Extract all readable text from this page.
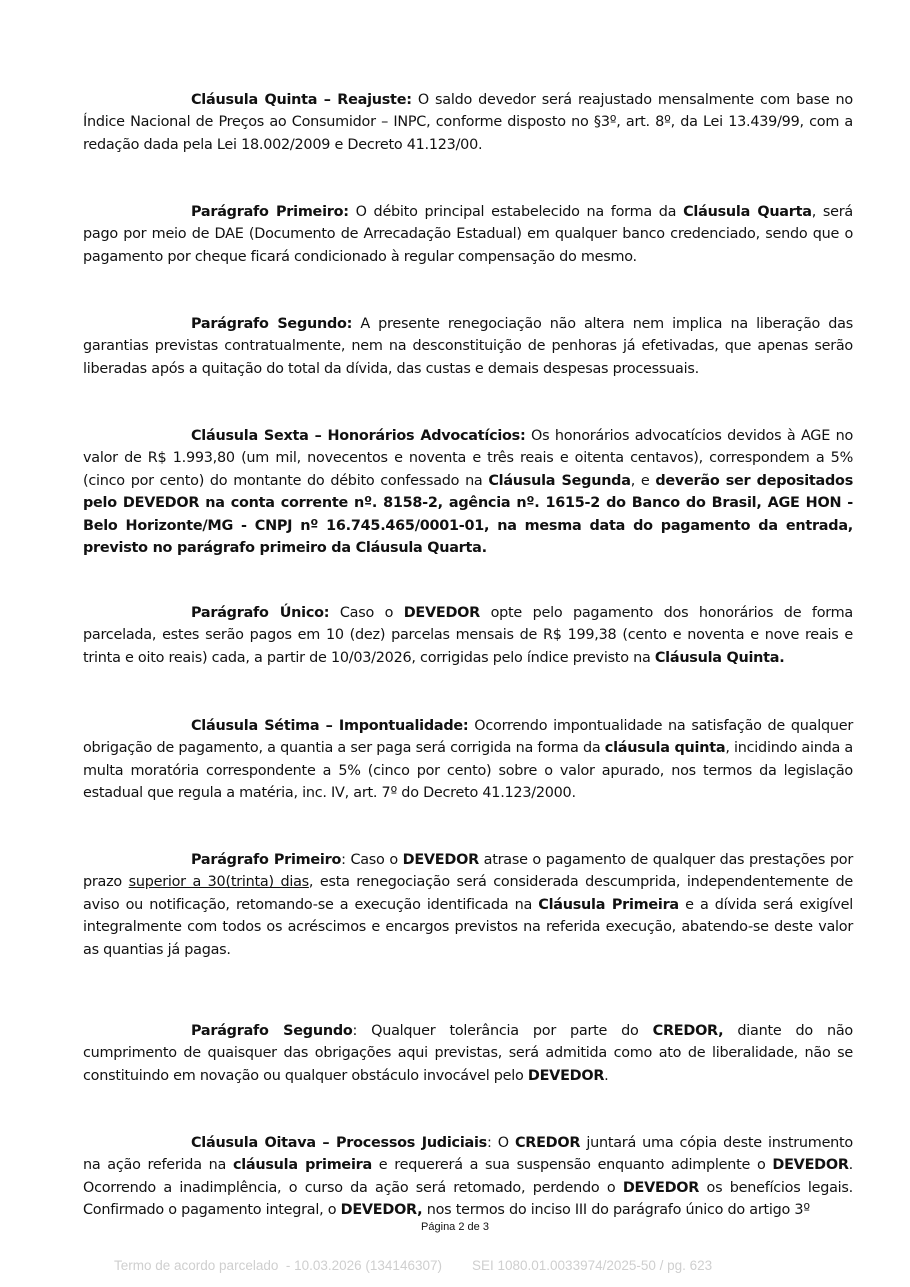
Cláusula Quinta – Reajuste: O saldo devedor será reajustado mensalmente com base no Índice Nacional de Preços ao Consumidor – INPC, conforme disposto no §3º, art. 8º, da Lei 13.439/99, com a redação dada pela Lei 18.002/2009 e Decreto 41.123/00.
Parágrafo Primeiro: O débito principal estabelecido na forma da Cláusula Quarta, será pago por meio de DAE (Documento de Arrecadação Estadual) em qualquer banco credenciado, sendo que o pagamento por cheque ficará condicionado à regular compensação do mesmo.
Parágrafo Segundo: A presente renegociação não altera nem implica na liberação das garantias previstas contratualmente, nem na desconstituição de penhoras já efetivadas, que apenas serão liberadas após a quitação do total da dívida, das custas e demais despesas processuais.
Cláusula Sexta – Honorários Advocatícios: Os honorários advocatícios devidos à AGE no valor de R$ 1.993,80 (um mil, novecentos e noventa e três reais e oitenta centavos), correspondem a 5% (cinco por cento) do montante do débito confessado na Cláusula Segunda, e deverão ser depositados pelo DEVEDOR na conta corrente nº. 8158-2, agência nº. 1615-2 do Banco do Brasil, AGE HON - Belo Horizonte/MG - CNPJ nº 16.745.465/0001-01, na mesma data do pagamento da entrada, previsto no parágrafo primeiro da Cláusula Quarta.
Parágrafo Único: Caso o DEVEDOR opte pelo pagamento dos honorários de forma parcelada, estes serão pagos em 10 (dez) parcelas mensais de R$ 199,38 (cento e noventa e nove reais e trinta e oito reais) cada, a partir de 10/03/2026, corrigidas pelo índice previsto na Cláusula Quinta.
Cláusula Sétima – Impontualidade: Ocorrendo impontualidade na satisfação de qualquer obrigação de pagamento, a quantia a ser paga será corrigida na forma da cláusula quinta, incidindo ainda a multa moratória correspondente a 5% (cinco por cento) sobre o valor apurado, nos termos da legislação estadual que regula a matéria, inc. IV, art. 7º do Decreto 41.123/2000.
Parágrafo Primeiro: Caso o DEVEDOR atrase o pagamento de qualquer das prestações por prazo superior a 30(trinta) dias, esta renegociação será considerada descumprida, independentemente de aviso ou notificação, retomando-se a execução identificada na Cláusula Primeira e a dívida será exigível integralmente com todos os acréscimos e encargos previstos na referida execução, abatendo-se deste valor as quantias já pagas.
Parágrafo Segundo: Qualquer tolerância por parte do CREDOR, diante do não cumprimento de quaisquer das obrigações aqui previstas, será admitida como ato de liberalidade, não se constituindo em novação ou qualquer obstáculo invocável pelo DEVEDOR.
Cláusula Oitava – Processos Judiciais: O CREDOR juntará uma cópia deste instrumento na ação referida na cláusula primeira e requererá a sua suspensão enquanto adimplente o DEVEDOR. Ocorrendo a inadimplência, o curso da ação será retomado, perdendo o DEVEDOR os benefícios legais. Confirmado o pagamento integral, o DEVEDOR, nos termos do inciso III do parágrafo único do artigo 3º
Página 2 de 3
Termo de acordo parcelado  - 10.03.2026 (134146307)        SEI 1080.01.0033974/2025-50 / pg. 623
